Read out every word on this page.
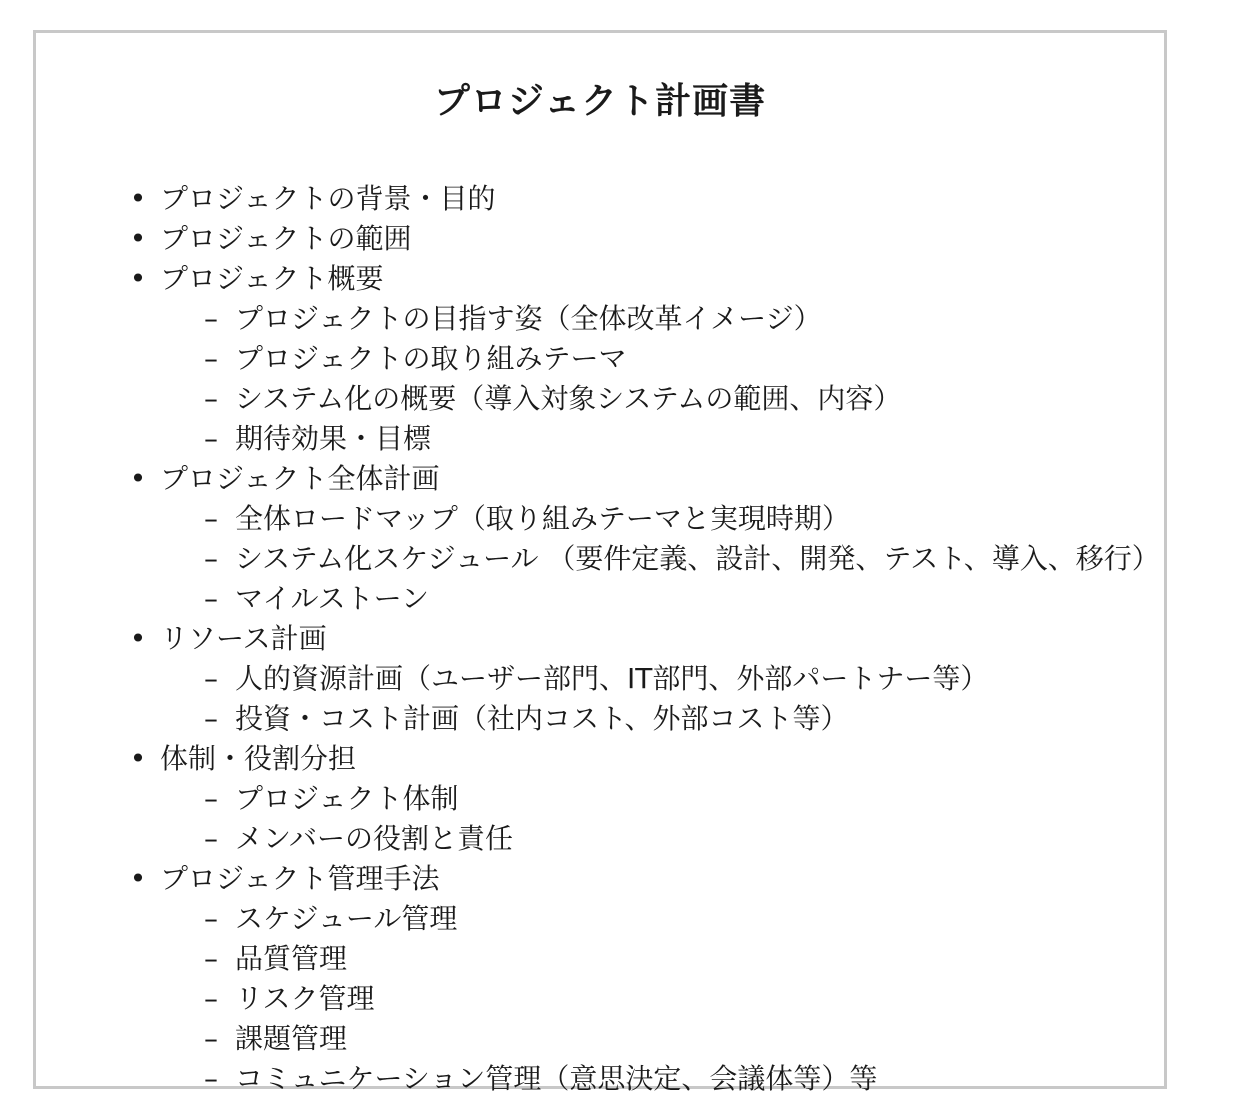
プロジェクト計画書
• プロジェクトの背景・目的
• プロジェクトの範囲
• プロジェクト概要
– プロジェクトの目指す姿（全体改革イメージ）
– プロジェクトの取り組みテーマ
– システム化の概要（導入対象システムの範囲、内容）
– 期待効果・目標
• プロジェクト全体計画
– 全体ロードマップ（取り組みテーマと実現時期）
– システム化スケジュール （要件定義、設計、開発、テスト、導入、移行）
– マイルストーン
• リソース計画
– 人的資源計画（ユーザー部門、IT部門、外部パートナー等）
– 投資・コスト計画（社内コスト、外部コスト等）
• 体制・役割分担
– プロジェクト体制
– メンバーの役割と責任
• プロジェクト管理手法
– スケジュール管理
– 品質管理
– リスク管理
– 課題管理
– コミュニケーション管理（意思決定、会議体等）等
